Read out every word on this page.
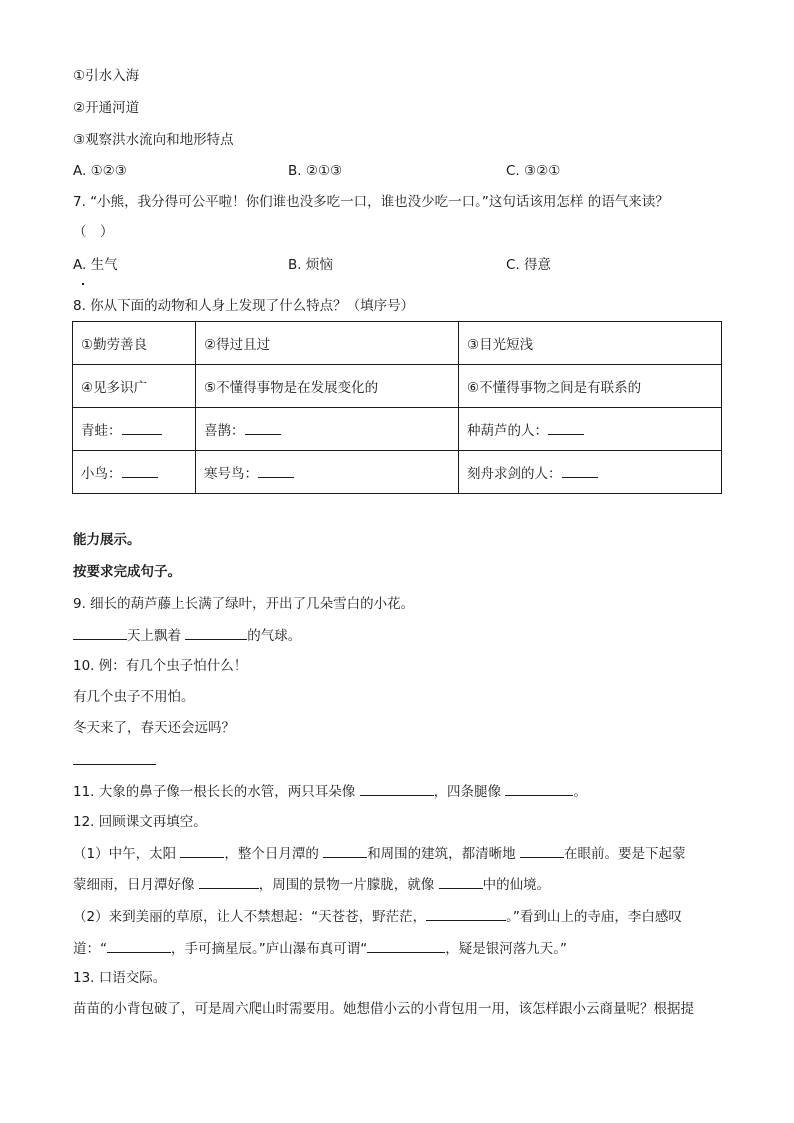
①引水入海
②开通河道
③观察洪水流向和地形特点
A. ①②③	B. ②①③	C. ③②①
7. “小熊，我分得可公平啦！你们谁也没多吃一口，谁也没少吃一口。”这句话该用怎样 的语气来读？
（　）
A. 生气	B. 烦恼	C. 得意
8. 你从下面的动物和人身上发现了什么特点？（填序号）
①勤劳善良	②得过且过	③目光短浅
④见多识广	⑤不懂得事物是在发展变化的	⑥不懂得事物之间是有联系的
青蛙：	喜鹊：	种葫芦的人：
小鸟：	寒号鸟：	刻舟求剑的人：
能力展示。
按要求完成句子。
9. 细长的葫芦藤上长满了绿叶，开出了几朵雪白的小花。
天上飘着	的气球。
10. 例：有几个虫子怕什么！
有几个虫子不用怕。
冬天来了，春天还会远吗？
11. 大象的鼻子像一根长长的水管，两只耳朵像	，四条腿像	。
12. 回顾课文再填空。
（1）中午，太阳	，整个日月潭的	和周围的建筑，都清晰地	在眼前。要是下起蒙
蒙细雨，日月潭好像	，周围的景物一片朦胧，就像	中的仙境。
（2）来到美丽的草原，让人不禁想起：“天苍苍，野茫茫，	。”看到山上的寺庙，李白感叹
道：“	，手可摘星辰。”庐山瀑布真可谓“	，疑是银河落九天。”
13. 口语交际。
苗苗的小背包破了，可是周六爬山时需要用。她想借小云的小背包用一用，该怎样跟小云商量呢？根据提
